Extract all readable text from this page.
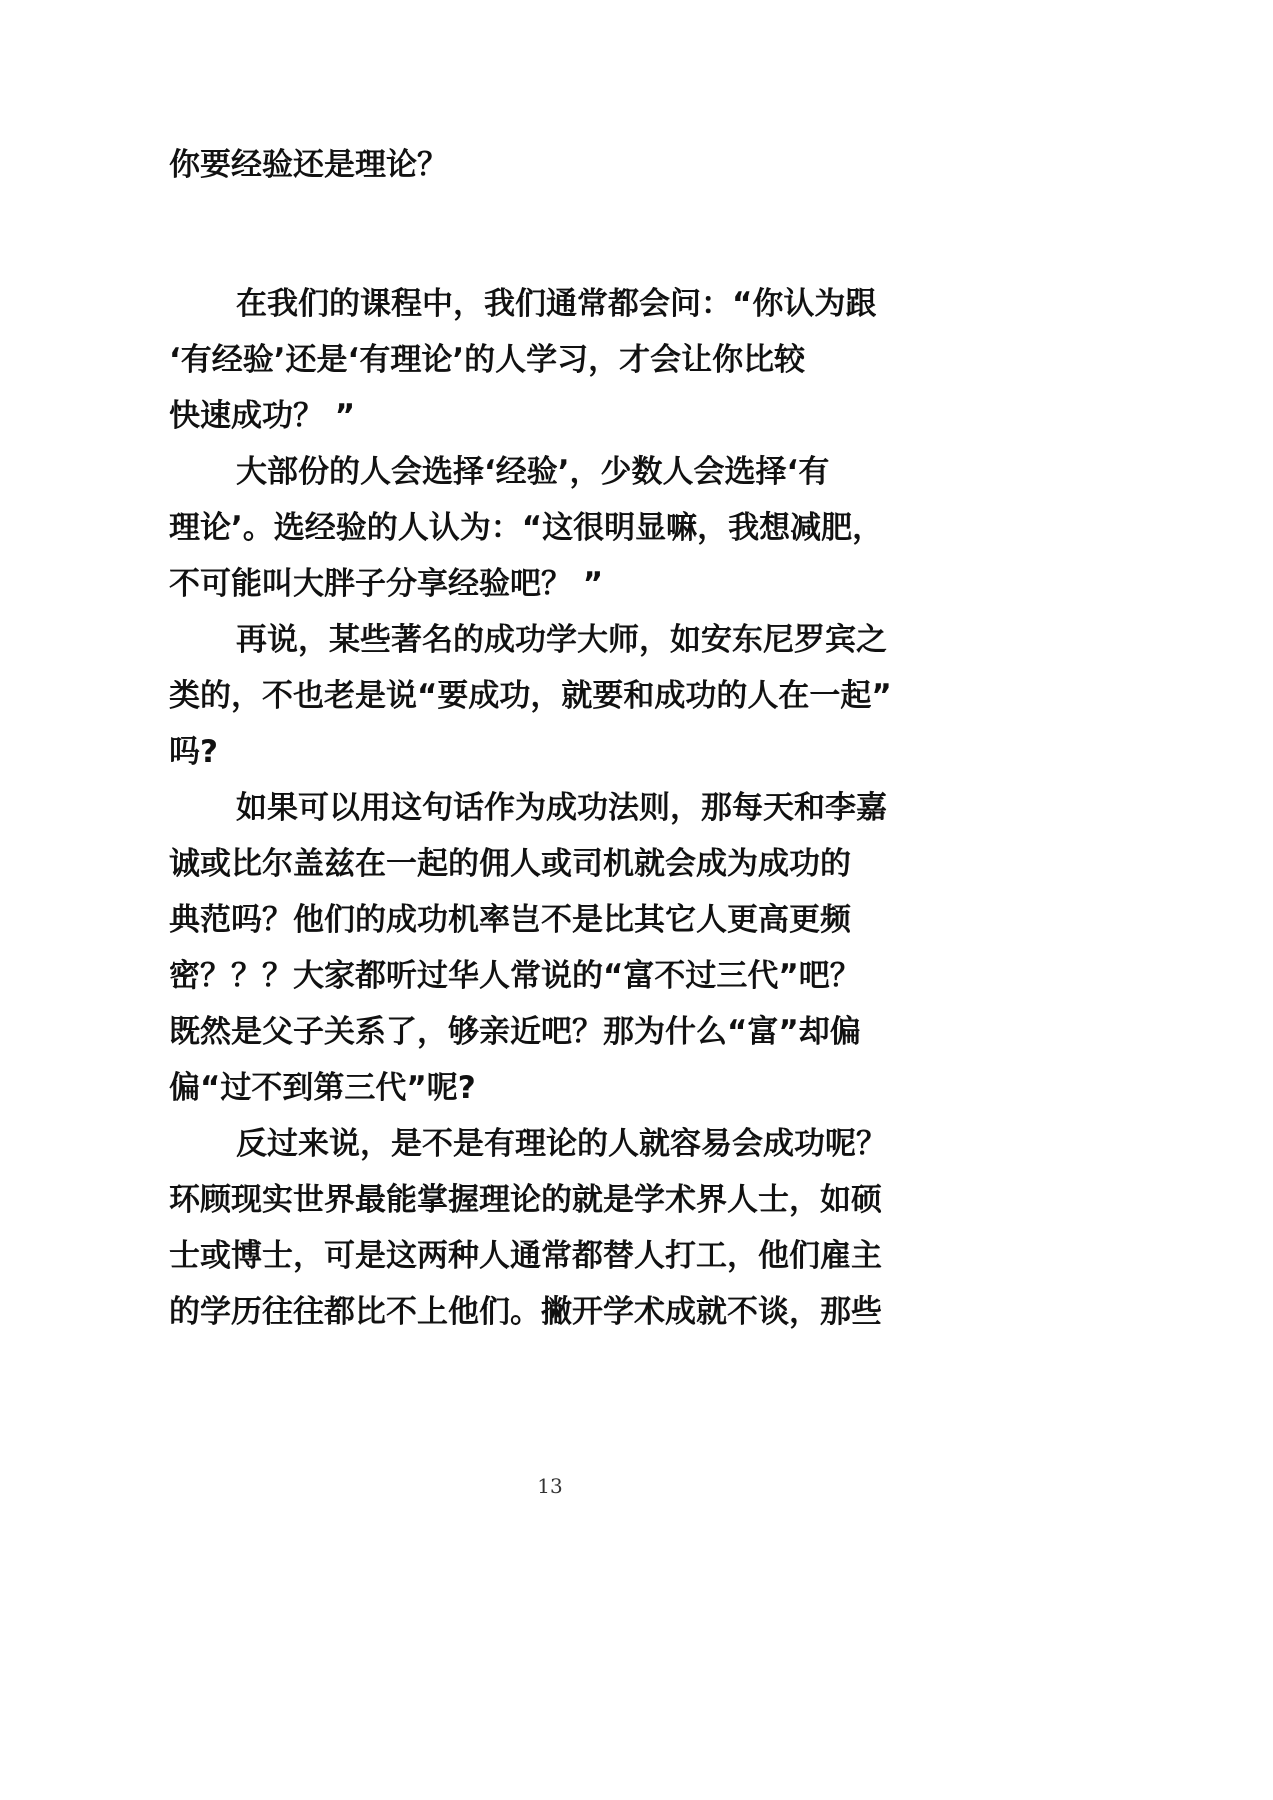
你要经验还是理论？

在我们的课程中，我们通常都会问：“你认为跟
‘有经验’还是‘有理论’的人学习，才会让你比较
快速成功？ ”

大部份的人会选择‘经验’，少数人会选择‘有
理论’。选经验的人认为：“这很明显嘛，我想减肥，
不可能叫大胖子分享经验吧？ ”

再说，某些著名的成功学大师，如安东尼罗宾之
类的，不也老是说“要成功，就要和成功的人在一起”
吗?

如果可以用这句话作为成功法则，那每天和李嘉
诚或比尔盖兹在一起的佣人或司机就会成为成功的
典范吗？他们的成功机率岂不是比其它人更高更频
密？？？大家都听过华人常说的“富不过三代”吧？
既然是父子关系了，够亲近吧？那为什么“富”却偏
偏“过不到第三代”呢?

反过来说，是不是有理论的人就容易会成功呢？
环顾现实世界最能掌握理论的就是学术界人士，如硕
士或博士，可是这两种人通常都替人打工，他们雇主
的学历往往都比不上他们。撇开学术成就不谈，那些

13
